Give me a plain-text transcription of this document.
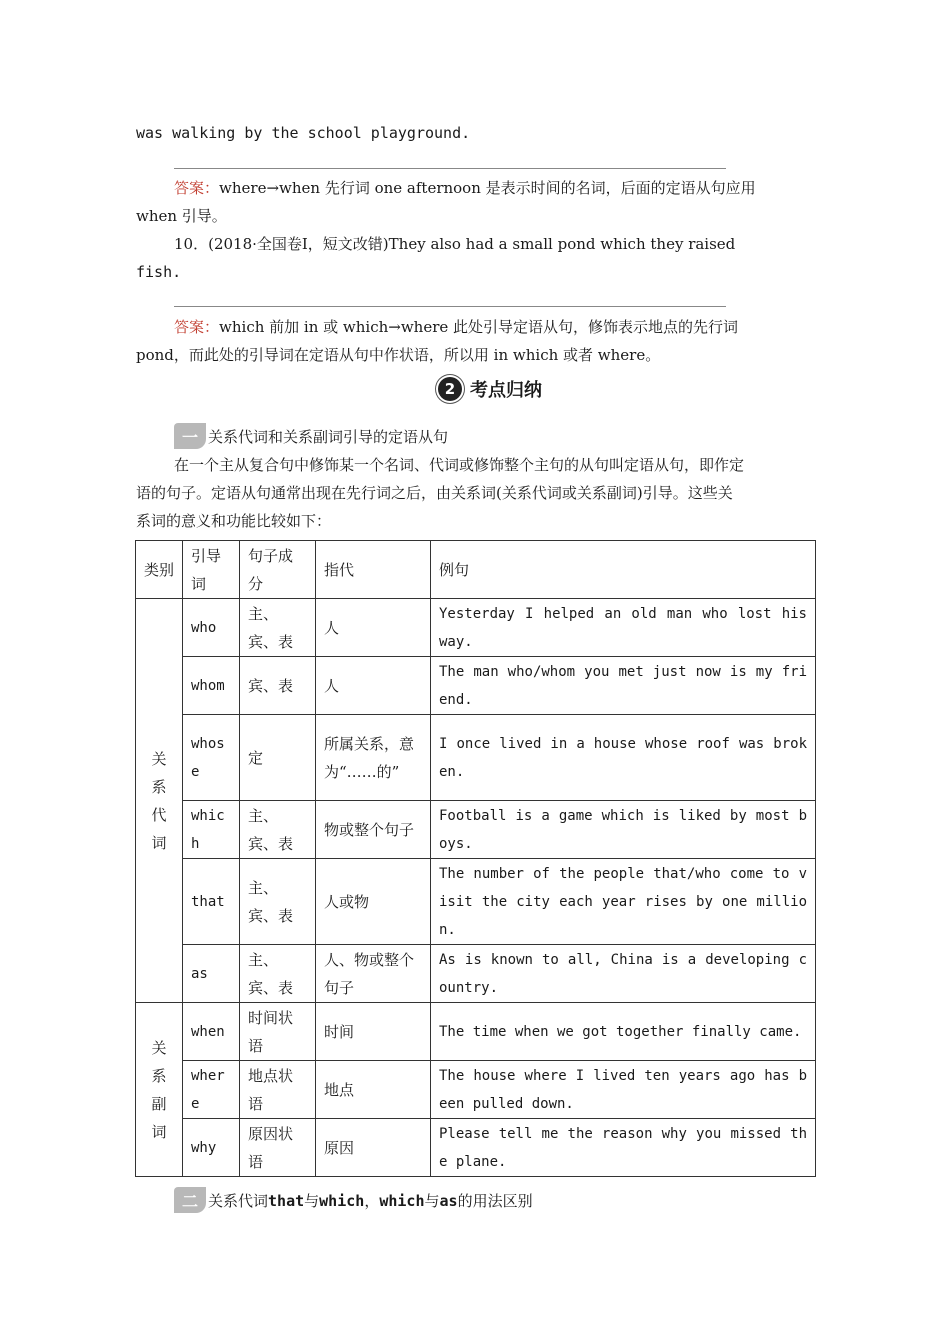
was walking by the school playground.
答案：where→when 先行词 one afternoon 是表示时间的名词，后面的定语从句应用
when 引导。
10．(2018·全国卷Ⅰ，短文改错)They also had a small pond which they raised
fish.
答案：which 前加 in 或 which→where 此处引导定语从句，修饰表示地点的先行词
pond，而此处的引导词在定语从句中作状语，所以用 in which 或者 where。
2 考点归纳
一 关系代词和关系副词引导的定语从句
在一个主从复合句中修饰某一个名词、代词或修饰整个主句的从句叫定语从句，即作定
语的句子。定语从句通常出现在先行词之后，由关系词(关系代词或关系副词)引导。这些关
系词的意义和功能比较如下：
类别	引导词	句子成分	指代	例句

关
系
代
词	who	主、宾、表	人	Yesterday I helped an old man who lost his way.
	whom	宾、表	人	The man who/whom you met just now is my friend.
	whose	定	所属关系，意为“……的”	I once lived in a house whose roof was broken.
	which	主、宾、表	物或整个句子	Football is a game which is liked by most boys.
	that	主、宾、表	人或物	The number of the people that/who come to visit the city each year rises by one million.
	as	主、宾、表	人、物或整个句子	As is known to all, China is a developing country.

关
系
副
词	when	时间状语	时间	The time when we got together finally came.
	where	地点状语	地点	The house where I lived ten years ago has been pulled down.
	why	原因状语	原因	Please tell me the reason why you missed the plane.
二 关系代词that与which，which与as的用法区别
